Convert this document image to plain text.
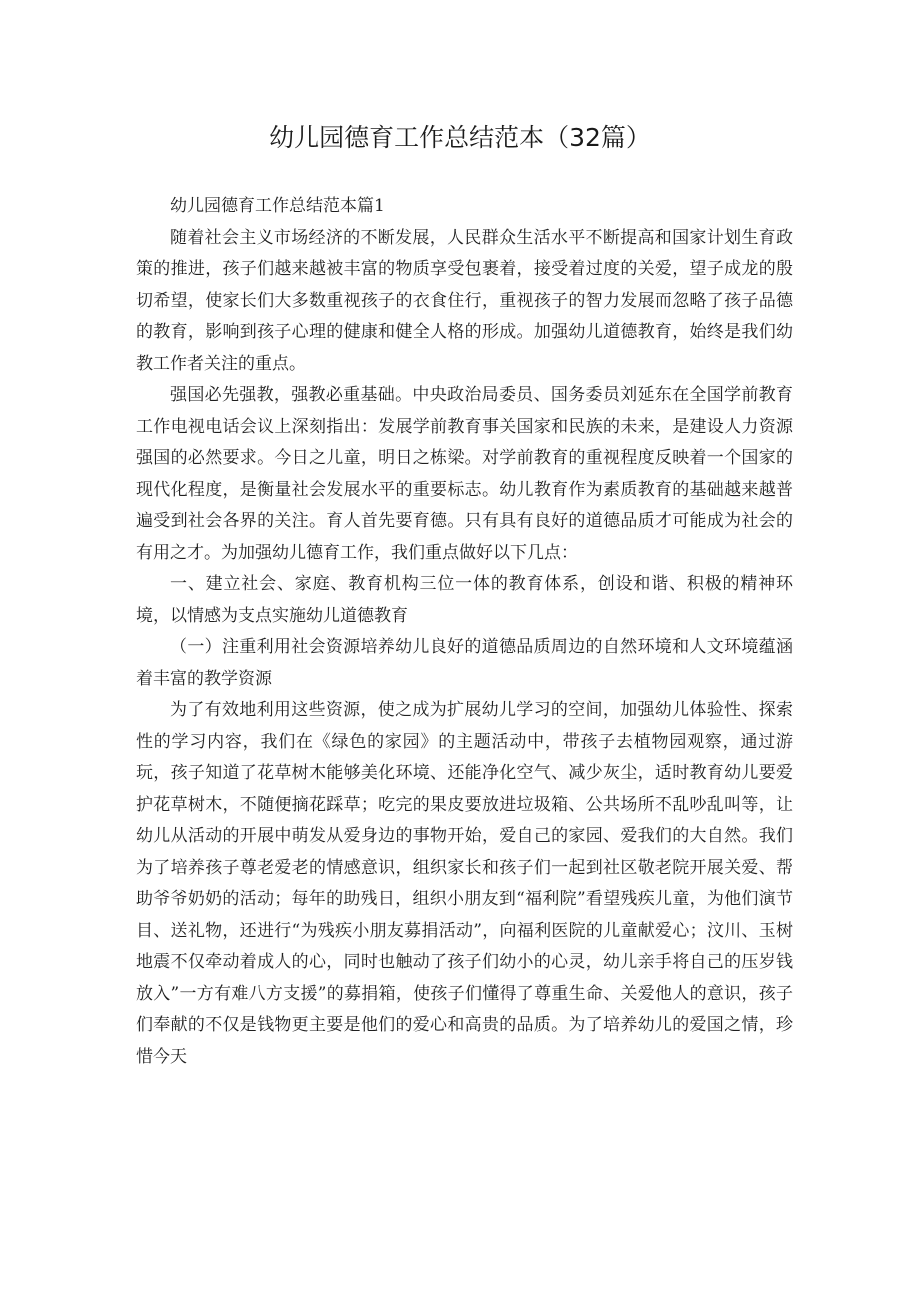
幼儿园德育工作总结范本（32篇）

幼儿园德育工作总结范本篇1

随着社会主义市场经济的不断发展，人民群众生活水平不断提高和国家计划生育政策的推进，孩子们越来越被丰富的物质享受包裹着，接受着过度的关爱，望子成龙的殷切希望，使家长们大多数重视孩子的衣食住行，重视孩子的智力发展而忽略了孩子品德的教育，影响到孩子心理的健康和健全人格的形成。加强幼儿道德教育，始终是我们幼教工作者关注的重点。

强国必先强教，强教必重基础。中央政治局委员、国务委员刘延东在全国学前教育工作电视电话会议上深刻指出：发展学前教育事关国家和民族的未来，是建设人力资源强国的必然要求。今日之儿童，明日之栋梁。对学前教育的重视程度反映着一个国家的现代化程度，是衡量社会发展水平的重要标志。幼儿教育作为素质教育的基础越来越普遍受到社会各界的关注。育人首先要育德。只有具有良好的道德品质才可能成为社会的有用之才。为加强幼儿德育工作，我们重点做好以下几点：

一、建立社会、家庭、教育机构三位一体的教育体系，创设和谐、积极的精神环境，以情感为支点实施幼儿道德教育

（一）注重利用社会资源培养幼儿良好的道德品质周边的自然环境和人文环境蕴涵着丰富的教学资源

为了有效地利用这些资源，使之成为扩展幼儿学习的空间，加强幼儿体验性、探索性的学习内容，我们在《绿色的家园》的主题活动中，带孩子去植物园观察，通过游玩，孩子知道了花草树木能够美化环境、还能净化空气、减少灰尘，适时教育幼儿要爱护花草树木，不随便摘花踩草；吃完的果皮要放进垃圾箱、公共场所不乱吵乱叫等，让幼儿从活动的开展中萌发从爱身边的事物开始，爱自己的家园、爱我们的大自然。我们为了培养孩子尊老爱老的情感意识，组织家长和孩子们一起到社区敬老院开展关爱、帮助爷爷奶奶的活动；每年的助残日，组织小朋友到“福利院”看望残疾儿童，为他们演节目、送礼物，还进行“为残疾小朋友募捐活动”，向福利医院的儿童献爱心；汶川、玉树地震不仅牵动着成人的心，同时也触动了孩子们幼小的心灵，幼儿亲手将自己的压岁钱放入”一方有难八方支援”的募捐箱，使孩子们懂得了尊重生命、关爱他人的意识，孩子们奉献的不仅是钱物更主要是他们的爱心和高贵的品质。为了培养幼儿的爱国之情，珍惜今天
